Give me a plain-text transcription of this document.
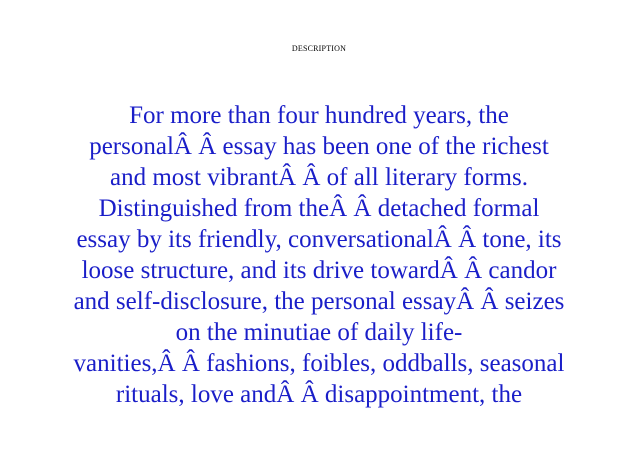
DESCRIPTION

For more than four hundred years, the
personalÂ Â essay has been one of the richest
and most vibrantÂ Â of all literary forms.
Distinguished from theÂ Â detached formal
essay by its friendly, conversationalÂ Â tone, its
loose structure, and its drive towardÂ Â candor
and self-disclosure, the personal essayÂ Â seizes
on the minutiae of daily life-
vanities,Â Â fashions, foibles, oddballs, seasonal
rituals, love andÂ Â disappointment, the
